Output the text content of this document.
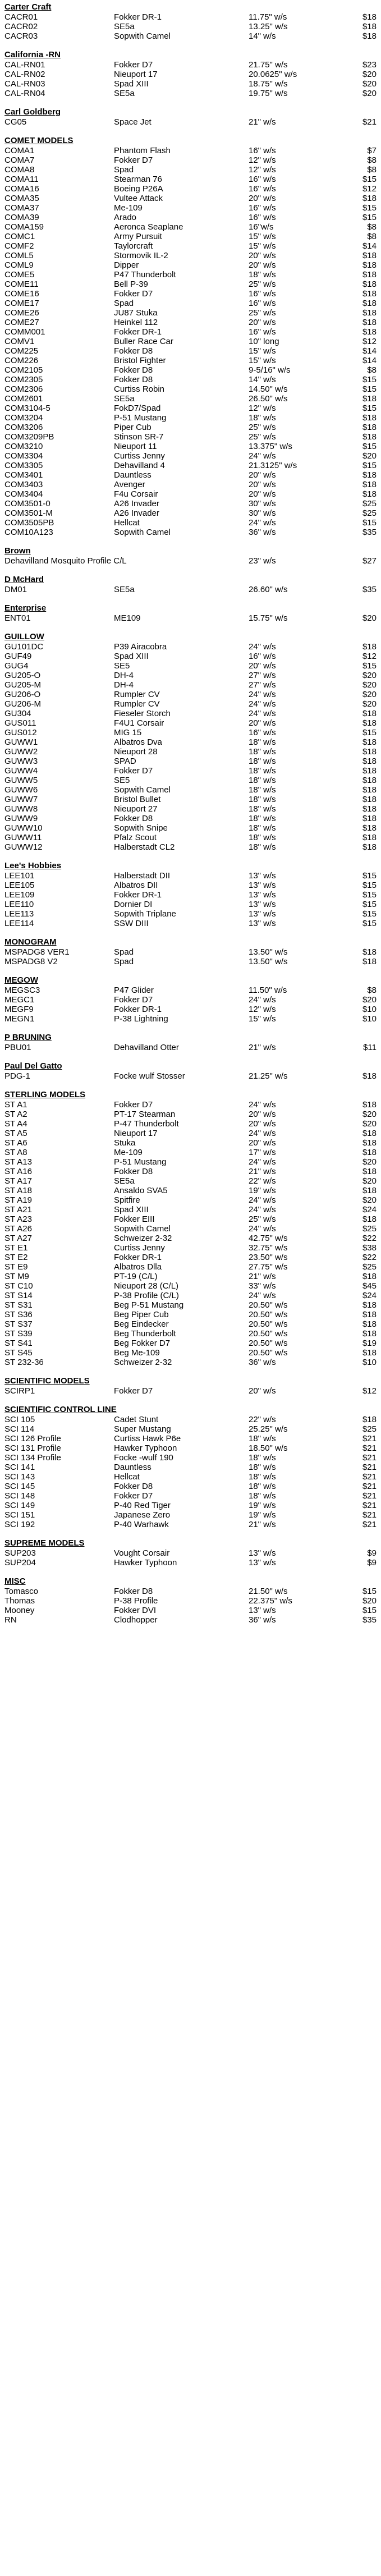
Carter Craft
CACR01	Fokker DR-1	11.75" w/s	$18
CACR02	SE5a	13.25" w/s	$18
CACR03	Sopwith Camel	14" w/s	$18
California -RN
CAL-RN01	Fokker D7	21.75" w/s	$23
CAL-RN02	Nieuport 17	20.0625" w/s	$20
CAL-RN03	Spad XIII	18.75" w/s	$20
CAL-RN04	SE5a	19.75" w/s	$20
Carl Goldberg
CG05	Space Jet	21" w/s	$21
COMET MODELS
COMA1	Phantom Flash	16" w/s	$7
COMA7	Fokker D7	12" w/s	$8
COMA8	Spad	12" w/s	$8
COMA11	Stearman 76	16" w/s	$15
COMA16	Boeing P26A	16" w/s	$12
COMA35	Vultee Attack	20" w/s	$18
COMA37	Me-109	16" w/s	$15
COMA39	Arado	16" w/s	$15
COMA159	Aeronca Seaplane	16"w/s	$8
COMC1	Army Pursuit	15" w/s	$8
COMF2	Taylorcraft	15" w/s	$14
COML5	Stormovik IL-2	20" w/s	$18
COML9	Dipper	20" w/s	$18
COME5	P47 Thunderbolt	18" w/s	$18
COME11	Bell P-39	25" w/s	$18
COME16	Fokker D7	16" w/s	$18
COME17	Spad	16" w/s	$18
COME26	JU87 Stuka	25" w/s	$18
COME27	Heinkel 112	20" w/s	$18
COMM001	Fokker DR-1	16" w/s	$18
COMV1	Buller Race Car	10" long	$12
COM225	Fokker D8	15" w/s	$14
COM226	Bristol Fighter	15" w/s	$14
COM2105	Fokker D8	9-5/16" w/s	$8
COM2305	Fokker D8	14" w/s	$15
COM2306	Curtiss Robin	14.50" w/s	$15
COM2601	SE5a	26.50" w/s	$18
COM3104-5	FokD7/Spad	12" w/s	$15
COM3204	P-51 Mustang	18" w/s	$18
COM3206	Piper Cub	25" w/s	$18
COM3209PB	Stinson SR-7	25" w/s	$18
COM3210	Nieuport 11	13.375" w/s	$15
COM3304	Curtiss Jenny	24" w/s	$20
COM3305	Dehavilland 4	21.3125" w/s	$15
COM3401	Dauntless	20" w/s	$18
COM3403	Avenger	20" w/s	$18
COM3404	F4u Corsair	20" w/s	$18
COM3501-0	A26 Invader	30" w/s	$25
COM3501-M	A26 Invader	30" w/s	$25
COM3505PB	Hellcat	24" w/s	$15
COM10A123	Sopwith Camel	36" w/s	$35
Brown
Dehavilland Mosquito Profile C/L	23" w/s	$27
D McHard
DM01	SE5a	26.60" w/s	$35
Enterprise
ENT01	ME109	15.75" w/s	$20
GUILLOW
GU101DC	P39 Airacobra	24" w/s	$18
GUF49	Spad XIII	16" w/s	$12
GUG4	SE5	20" w/s	$15
GU205-O	DH-4	27" w/s	$20
GU205-M	DH-4	27" w/s	$20
GU206-O	Rumpler CV	24" w/s	$20
GU206-M	Rumpler CV	24" w/s	$20
GU304	Fieseler Storch	24" w/s	$18
GUS011	F4U1 Corsair	20" w/s	$18
GUS012	MIG 15	16" w/s	$15
GUWW1	Albatros Dva	18" w/s	$18
GUWW2	Nieuport 28	18" w/s	$18
GUWW3	SPAD	18" w/s	$18
GUWW4	Fokker D7	18" w/s	$18
GUWW5	SE5	18" w/s	$18
GUWW6	Sopwith Camel	18" w/s	$18
GUWW7	Bristol Bullet	18" w/s	$18
GUWW8	Nieuport 27	18" w/s	$18
GUWW9	Fokker D8	18" w/s	$18
GUWW10	Sopwith Snipe	18" w/s	$18
GUWW11	Pfalz Scout	18" w/s	$18
GUWW12	Halberstadt CL2	18" w/s	$18
Lee's Hobbies
LEE101	Halberstadt DII	13" w/s	$15
LEE105	Albatros DII	13" w/s	$15
LEE109	Fokker DR-1	13" w/s	$15
LEE110	Dornier DI	13" w/s	$15
LEE113	Sopwith Triplane	13" w/s	$15
LEE114	SSW DIII	13" w/s	$15
MONOGRAM
MSPADG8 VER1	Spad	13.50" w/s	$18
MSPADG8 V2	Spad	13.50" w/s	$18
MEGOW
MEGSC3	P47 Glider	11.50" w/s	$8
MEGC1	Fokker D7	24" w/s	$20
MEGF9	Fokker DR-1	12" w/s	$10
MEGN1	P-38 Lightning	15" w/s	$10
P BRUNING
PBU01	Dehavilland Otter	21" w/s	$11
Paul Del Gatto
PDG-1	Focke wulf Stosser	21.25" w/s	$18
STERLING MODELS
ST A1	Fokker D7	24" w/s	$18
ST A2	PT-17 Stearman	20" w/s	$20
ST A4	P-47 Thunderbolt	20" w/s	$20
ST A5	Nieuport 17	24" w/s	$18
ST A6	Stuka	20" w/s	$18
ST A8	Me-109	17" w/s	$18
ST A13	P-51 Mustang	24" w/s	$20
ST A16	Fokker D8	21" w/s	$18
ST A17	SE5a	22" w/s	$20
ST A18	Ansaldo SVA5	19" w/s	$18
ST A19	Spitfire	24" w/s	$20
ST A21	Spad XIII	24" w/s	$24
ST A23	Fokker EIII	25" w/s	$18
ST A26	Sopwith Camel	24" w/s	$25
ST A27	Schweizer 2-32	42.75" w/s	$22
ST E1	Curtiss Jenny	32.75" w/s	$38
ST E2	Fokker DR-1	23.50" w/s	$22
ST E9	Albatros Dlla	27.75" w/s	$25
ST M9	PT-19 (C/L)	21" w/s	$18
ST C10	Nieuport 28 (C/L)	33" w/s	$45
ST S14	P-38 Profile (C/L)	24" w/s	$24
ST S31	Beg P-51 Mustang	20.50" w/s	$18
ST S36	Beg Piper Cub	20.50" w/s	$18
ST S37	Beg Eindecker	20.50" w/s	$18
ST S39	Beg Thunderbolt	20.50" w/s	$18
ST S41	Beg Fokker D7	20.50" w/s	$19
ST S45	Beg Me-109	20.50" w/s	$18
ST 232-36	Schweizer 2-32	36" w/s	$10
SCIENTIFIC MODELS
SCIRP1	Fokker D7	20" w/s	$12
SCIENTIFIC CONTROL LINE
SCI 105	Cadet Stunt	22" w/s	$18
SCI 114	Super Mustang	25.25" w/s	$25
SCI 126 Profile	Curtiss Hawk P6e	18" w/s	$21
SCI 131 Profile	Hawker Typhoon	18.50" w/s	$21
SCI 134 Profile	Focke -wulf 190	18" w/s	$21
SCI 141	Dauntless	18" w/s	$21
SCI 143	Hellcat	18" w/s	$21
SCI 145	Fokker D8	18" w/s	$21
SCI 148	Fokker D7	18" w/s	$21
SCI 149	P-40 Red Tiger	19" w/s	$21
SCI 151	Japanese Zero	19" w/s	$21
SCI 192	P-40 Warhawk	21" w/s	$21
SUPREME MODELS
SUP203	Vought Corsair	13" w/s	$9
SUP204	Hawker Typhoon	13" w/s	$9
MISC
Tomasco	Fokker D8	21.50" w/s	$15
Thomas	P-38 Profile	22.375" w/s	$20
Mooney	Fokker DVI	13" w/s	$15
RN	Clodhopper	36" w/s	$35
